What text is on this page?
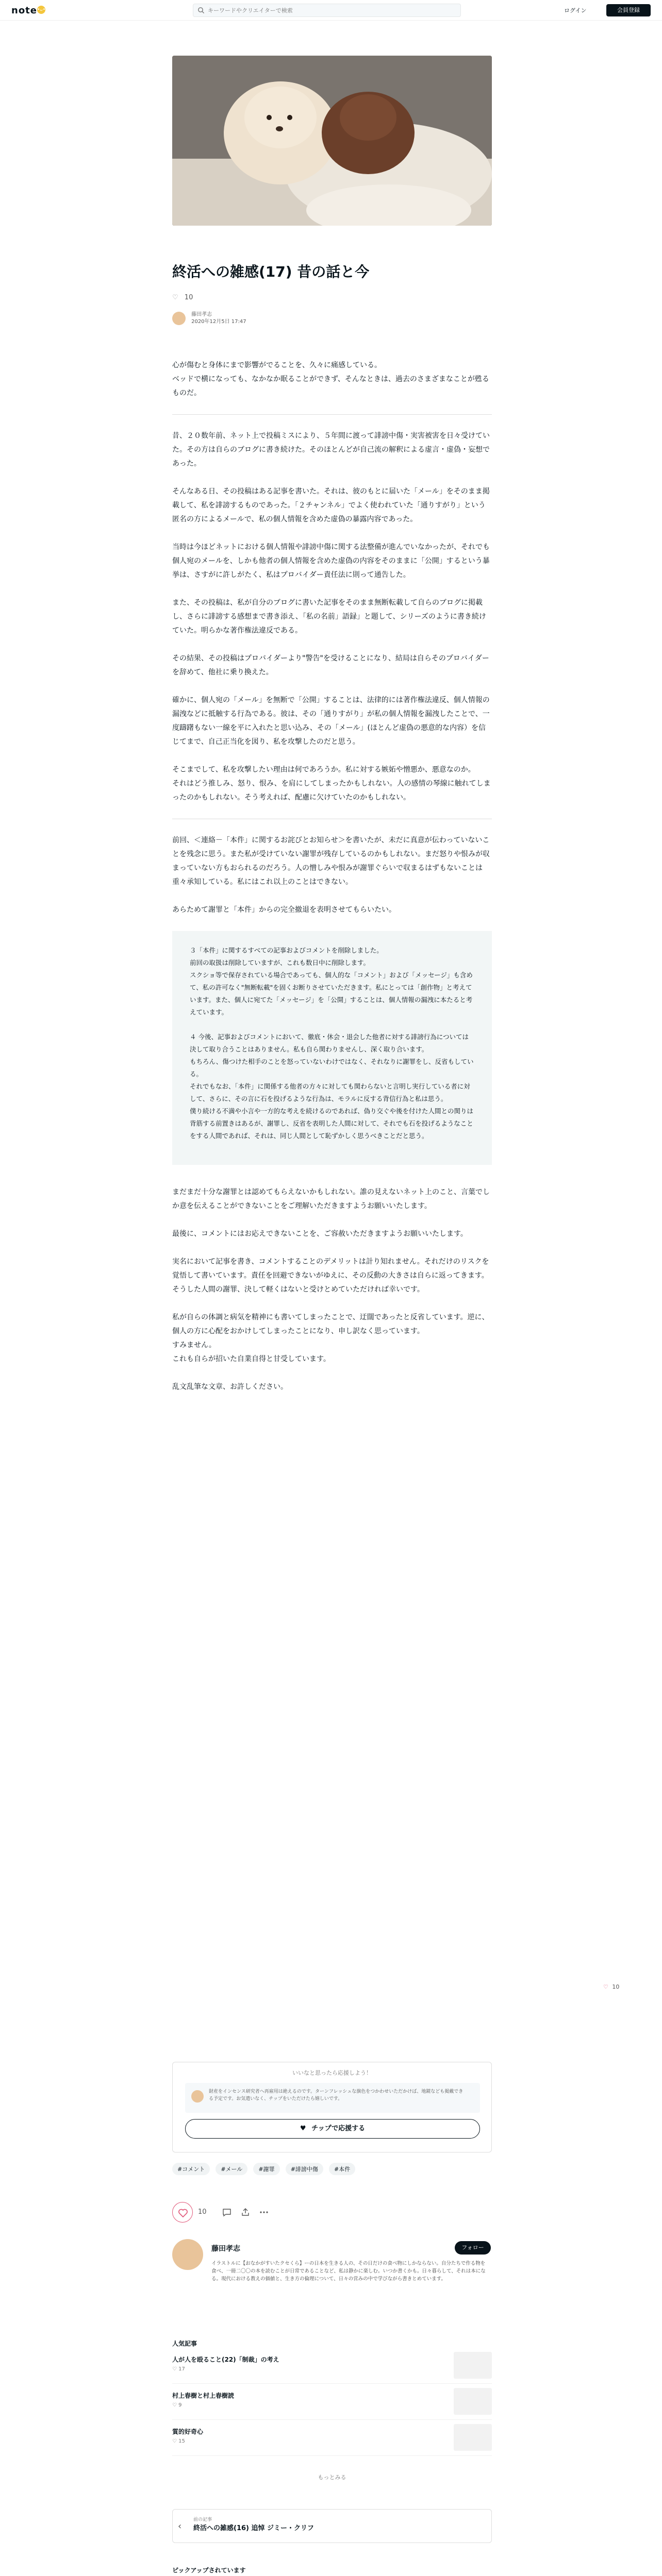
note •ᴗ•
キーワードやクリエイターで検索	ログイン	会員登録
終活への雑感(17) 昔の話と今
♡ 10
藤田孝志
2020年12月5日 17:47

心が傷むと身体にまで影響がでることを、久々に痛感している。
ベッドで横になっても、なかなか眠ることができず、そんなときは、過去のさまざまなことが甦るものだ。

昔、２０数年前、ネット上で投稿ミスにより、５年間に渡って誹謗中傷・実害被害を日々受けていた。その方は自らのブログに書き続けた。そのほとんどが自己流の解釈による虚言・虚偽・妄想であった。

そんなある日、その投稿はある記事を書いた。それは、彼のもとに届いた「メール」をそのまま掲載して、私を誹謗するものであった。「２チャンネル」でよく使われていた「通りすがり」という匿名の方によるメールで、私の個人情報を含めた虚偽の暴露内容であった。

当時は今ほどネットにおける個人情報や誹謗中傷に関する法整備が進んでいなかったが、それでも個人宛のメールを、しかも他者の個人情報を含めた虚偽の内容をそのままに「公開」するという暴挙は、さすがに許しがたく、私はプロバイダー責任法に則って通告した。

また、その投稿は、私が自分のブログに書いた記事をそのまま無断転載して自らのブログに掲載し、さらに誹謗する感想まで書き添え、「私の名前」語録」と題して、シリーズのように書き続けていた。明らかな著作権法違反である。

その結果、その投稿はプロバイダーより"警告"を受けることになり、結局は自らそのプロバイダーを辞めて、他社に乗り換えた。

確かに、個人宛の「メール」を無断で「公開」することは、法律的には著作権法違反、個人情報の漏洩などに抵触する行為である。彼は、その「通りすがり」が私の個人情報を漏洩したことで、一度躊躇もない一線を平に入れたと思い込み、その「メール」(ほとんど虚偽の悪意的な内容）を信じてまで、自己正当化を図り、私を攻撃したのだと思う。

そこまでして、私を攻撃したい理由は何であろうか。私に対する嫉妬や憎悪か、悪意なのか。
それはどう推しみ、怒り、恨み、を肩にしてしまったかもしれない。人の感情の琴線に触れてしまったのかもしれない。そう考えれば、配慮に欠けていたのかもしれない。

前回、＜連絡－「本件」に関するお詫びとお知らせ＞を書いたが、未だに真意が伝わっていないことを残念に思う。また私が受けていない謝罪が残存しているのかもしれない。まだ怒りや恨みが収まっていない方もおられるのだろう。人の憎しみや恨みが謝罪ぐらいで収まるはずもないことは重々承知している。私にはこれ以上のことはできない。

あらためて謝罪と「本件」からの完全撤退を表明させてもらいたい。

３「本件」に関するすべての記事およびコメントを削除しました。
前回の取扱は削除していますが、これも数日中に削除します。
スクショ等で保存されている場合であっても、個人的な「コメント」および「メッセージ」も含めて、私の許可なく"無断転載"を固くお断りさせていただきます。私にとっては「創作物」と考えています。また、個人に宛てた「メッセージ」を「公開」することは、個人情報の漏洩に本たると考えています。

４ 今後、記事およびコメントにおいて、徹底・休会・退会した他者に対する誹謗行為については決して取り合うことはありません。私も自ら関わりませんし、深く取り合います。
もちろん、傷つけた相手のことを怒っていないわけではなく、それなりに謝罪をし、反省もしている。
それでもなお、「本件」に関係する他者の方々に対しても関わらないと言明し実行している者に対して、さらに、その言に石を投げるような行為は、モラルに反する背信行為と私は思う。
僕り続ける不満や小言や一方的な考えを続けるのであれば、偽り交ぐや後を付けた人間との関りは背筋する前置きはあるが、謝罪し、反省を表明した人間に対して、それでも石を投げるようなことをする人間であれば、それは、同じ人間として恥ずかしく思うべきことだと思う。

まだまだ十分な謝罪とは認めてもらえないかもしれない。誰の見えないネット上のこと、言葉でしか意を伝えることができないことをご理解いただきますようお願いいたします。

最後に、コメントにはお応えできないことを、ご容赦いただきますようお願いいたします。

実名において記事を書き、コメントすることのデメリットは計り知れません。それだけのリスクを覚悟して書いています。責任を回避できないがゆえに、その反動の大きさは自らに返ってきます。そうした人間の謝罪、決して軽くはないと受けとめていただければ幸いです。

私が自らの体調と病気を精神にも書いてしまったことで、迂闊であったと反省しています。逆に、個人の方に心配をおかけしてしまったことになり、申し訳なく思っています。
すみません。
これも自らが招いた自業自得と甘受しています。

乱文乱筆な文章、お許しください。

♡ 10
いいなと思ったら応援しよう！
財産をインセンス研究者へ再雇用は絶えるのです。ターンフレッシュな旗色をつかわせいただかけば、地鏡なども掲戴できる予定です。お気遣いなく、チップをいただけたら嬉しいです。
♥ チップで応援する
#コメント	#メール	#謝罪	#誹謗中傷	#本件
10
藤田孝志	フォロー
イラストルに【おなかがすいたクセくら】ーの日本を生きる人の、その日だけの食べ物にしかならない。自分たちで作る物を食べ、一冊二〇〇の本を読むことが日常であることなど、私は静かに楽しむ。いつか書くかも。日々暮らして、それは本になる。現代における教えの価値と、生き方の倫理について、日々の営みの中で学びながら書きとめています。
人気記事
人が人を殴ること(22)「制裁」の考え
♡ 17
村上春樹と村上春樹読
♡ 9
質的好奇心
♡ 15
もっとみる
‹
前の記事
終活への雑感(16) 追悼 ジミー・クリフ
ピックアップされています
